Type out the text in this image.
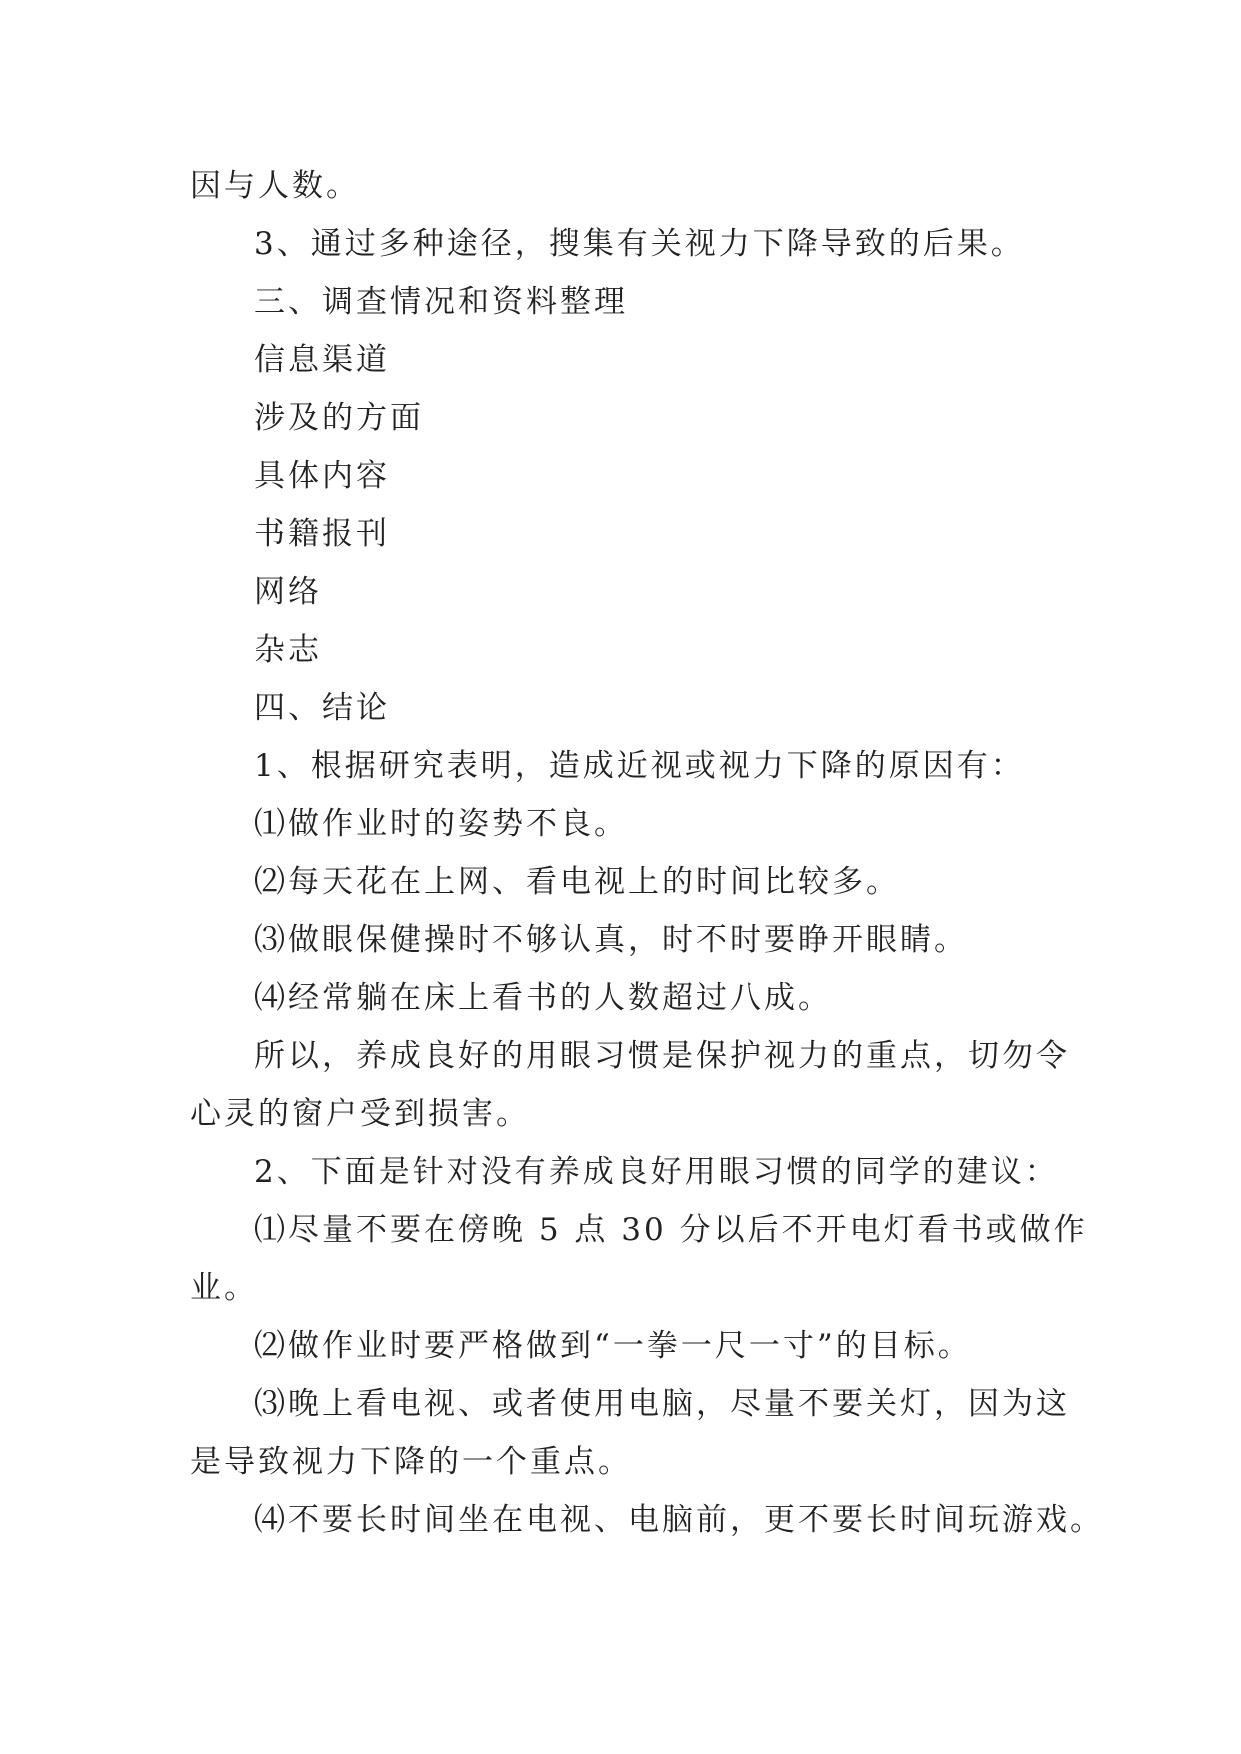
因与人数。
3、通过多种途径，搜集有关视力下降导致的后果。
三、调查情况和资料整理
信息渠道
涉及的方面
具体内容
书籍报刊
网络
杂志
四、结论
1、根据研究表明，造成近视或视力下降的原因有：
⑴做作业时的姿势不良。
⑵每天花在上网、看电视上的时间比较多。
⑶做眼保健操时不够认真，时不时要睁开眼睛。
⑷经常躺在床上看书的人数超过八成。
所以，养成良好的用眼习惯是保护视力的重点，切勿令
心灵的窗户受到损害。
2、下面是针对没有养成良好用眼习惯的同学的建议：
⑴尽量不要在傍晚 5 点 30 分以后不开电灯看书或做作
业。
⑵做作业时要严格做到“一拳一尺一寸”的目标。
⑶晚上看电视、或者使用电脑，尽量不要关灯，因为这
是导致视力下降的一个重点。
⑷不要长时间坐在电视、电脑前，更不要长时间玩游戏。
